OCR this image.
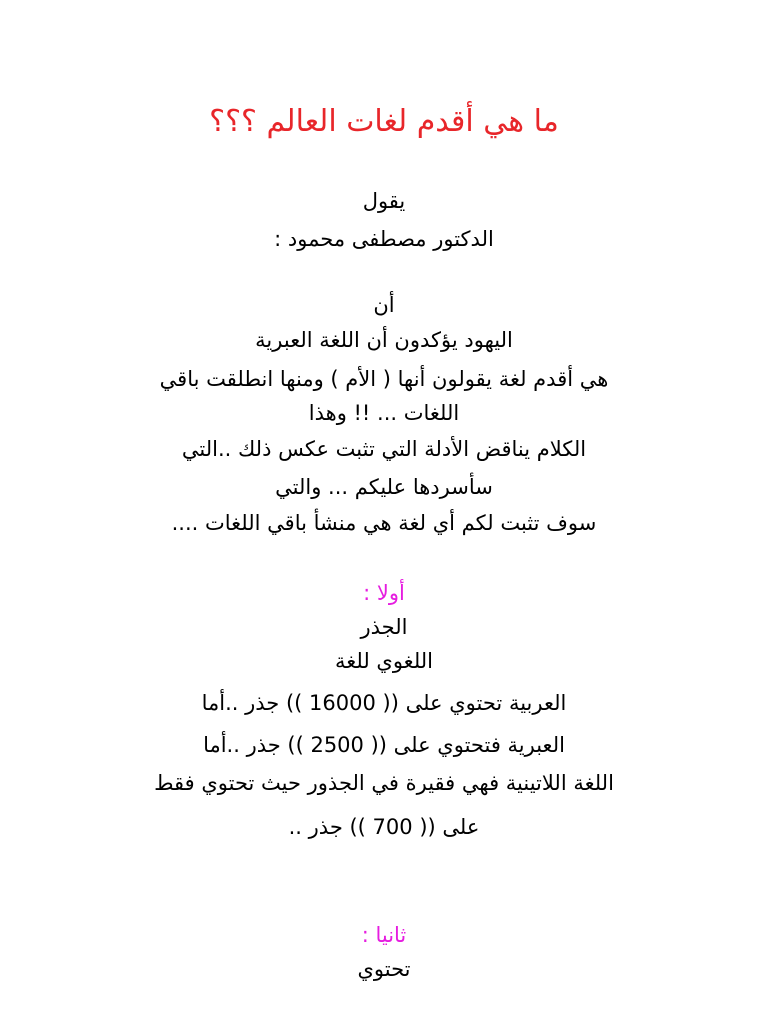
ما هي أقدم لغات العالم ؟؟؟

يقول

الدكتور مصطفى محمود :

أن

اليهود يؤكدون أن اللغة العبرية

هي أقدم لغة يقولون أنها ( الأم ) ومنها انطلقت باقي

اللغات ... !! وهذا

الكلام يناقض الأدلة التي تثبت عكس ذلك ..التي

سأسردها عليكم ... والتي

سوف تثبت لكم أي لغة هي منشأ باقي اللغات ....

أولا :

الجذر

اللغوي للغة

العربية تحتوي على (( 16000 )) جذر ..أما

العبرية فتحتوي على (( 2500 )) جذر ..أما

اللغة اللاتينية فهي فقيرة في الجذور حيث تحتوي فقط

على (( 700 )) جذر ..

ثانيا :

تحتوي
